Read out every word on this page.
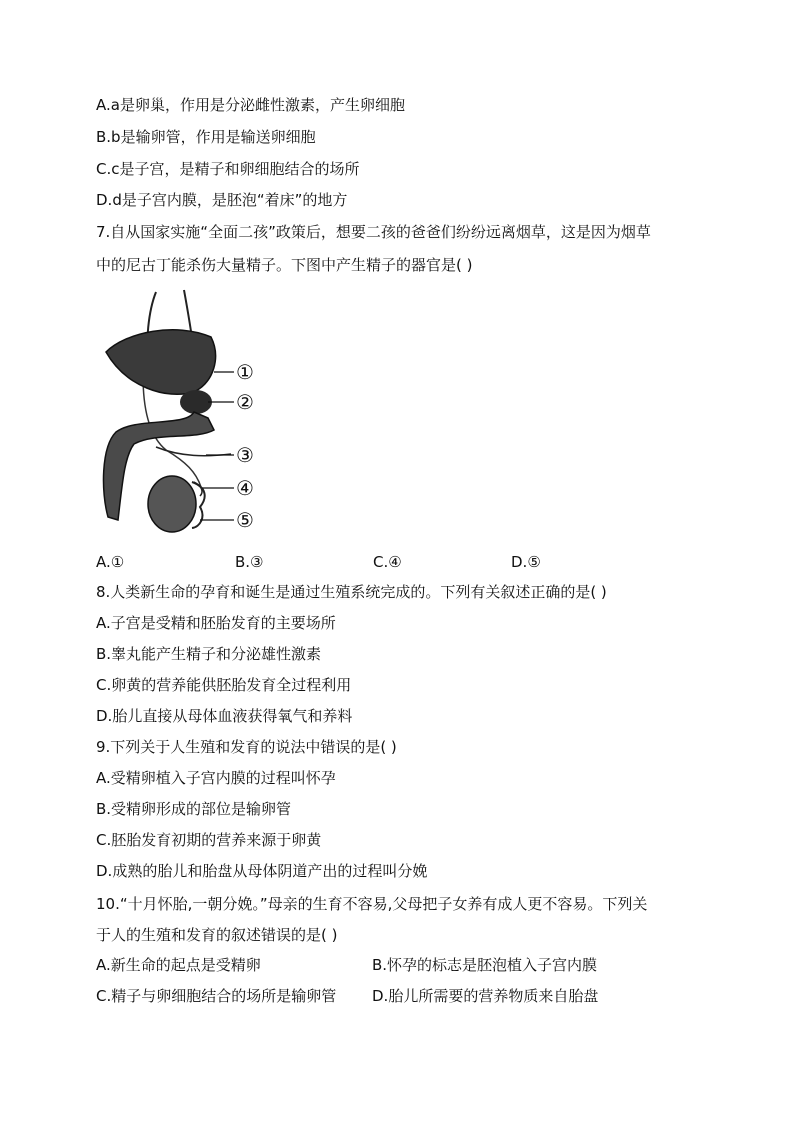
A.a是卵巢，作用是分泌雌性激素，产生卵细胞
B.b是输卵管，作用是输送卵细胞
C.c是子宫，是精子和卵细胞结合的场所
D.d是子宫内膜，是胚泡“着床”的地方
7.自从国家实施“全面二孩”政策后，想要二孩的爸爸们纷纷远离烟草，这是因为烟草
中的尼古丁能杀伤大量精子。下图中产生精子的器官是( )
①
②
③
④
⑤
A.①	B.③	C.④	D.⑤
8.人类新生命的孕育和诞生是通过生殖系统完成的。下列有关叙述正确的是( )
A.子宫是受精和胚胎发育的主要场所
B.睾丸能产生精子和分泌雄性激素
C.卵黄的营养能供胚胎发育全过程利用
D.胎儿直接从母体血液获得氧气和养料
9.下列关于人生殖和发育的说法中错误的是( )
A.受精卵植入子宫内膜的过程叫怀孕
B.受精卵形成的部位是输卵管
C.胚胎发育初期的营养来源于卵黄
D.成熟的胎儿和胎盘从母体阴道产出的过程叫分娩
10.“十月怀胎,一朝分娩。”母亲的生育不容易,父母把子女养有成人更不容易。下列关
于人的生殖和发育的叙述错误的是( )
A.新生命的起点是受精卵	B.怀孕的标志是胚泡植入子宫内膜
C.精子与卵细胞结合的场所是输卵管 D.胎儿所需要的营养物质来自胎盘
